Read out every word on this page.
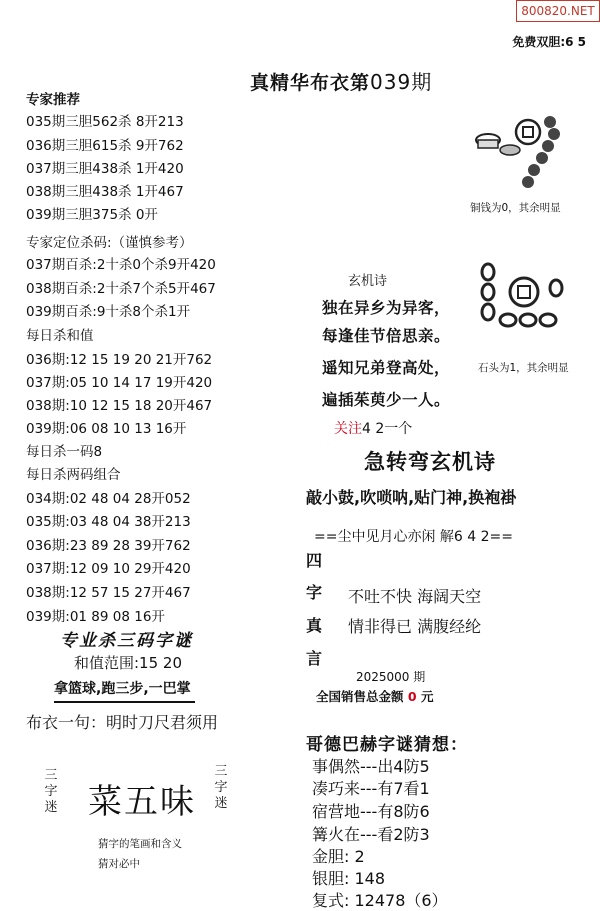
800820.NET
免费双胆:6 5
真精华布衣第039期
专家推荐
035期三胆562杀 8开213
036期三胆615杀 9开762
037期三胆438杀 1开420
038期三胆438杀 1开467
039期三胆375杀 0开
专家定位杀码:（谨慎参考）
037期百杀:2十杀0个杀9开420
038期百杀:2十杀7个杀5开467
039期百杀:9十杀8个杀1开
每日杀和值
036期:12 15 19 20 21开762
037期:05 10 14 17 19开420
038期:10 12 15 18 20开467
039期:06 08 10 13 16开
每日杀一码8
每日杀两码组合
034期:02 48 04 28开052
035期:03 48 04 38开213
036期:23 89 28 39开762
037期:12 09 10 29开420
038期:12 57 15 27开467
039期:01 89 08 16开
专业杀三码字谜
和值范围:15 20
拿篮球,跑三步,一巴掌
布衣一句：明时刀尺君须用
三字迷 菜五味
三字迷
猜字的笔画和含义
猜对必中
铜钱为0，其余明显
玄机诗
独在异乡为异客，
每逢佳节倍思亲。
遥知兄弟登高处，
遍插茱萸少一人。
石头为1，其余明显
关注4 2一个
急转弯玄机诗
敲小鼓,吹唢呐,贴门神,换袍褂
==尘中见月心亦闲 解6 4 2==
四
字
真
言
不吐不快 海阔天空
情非得已 满腹经纶
2025000 期
全国销售总金额 0 元
哥德巴赫字谜猜想：
事偶然---出4防5
凑巧来---有7看1
宿营地---有8防6
篝火在---看2防3
金胆: 2
银胆: 148
复式: 12478（6）
